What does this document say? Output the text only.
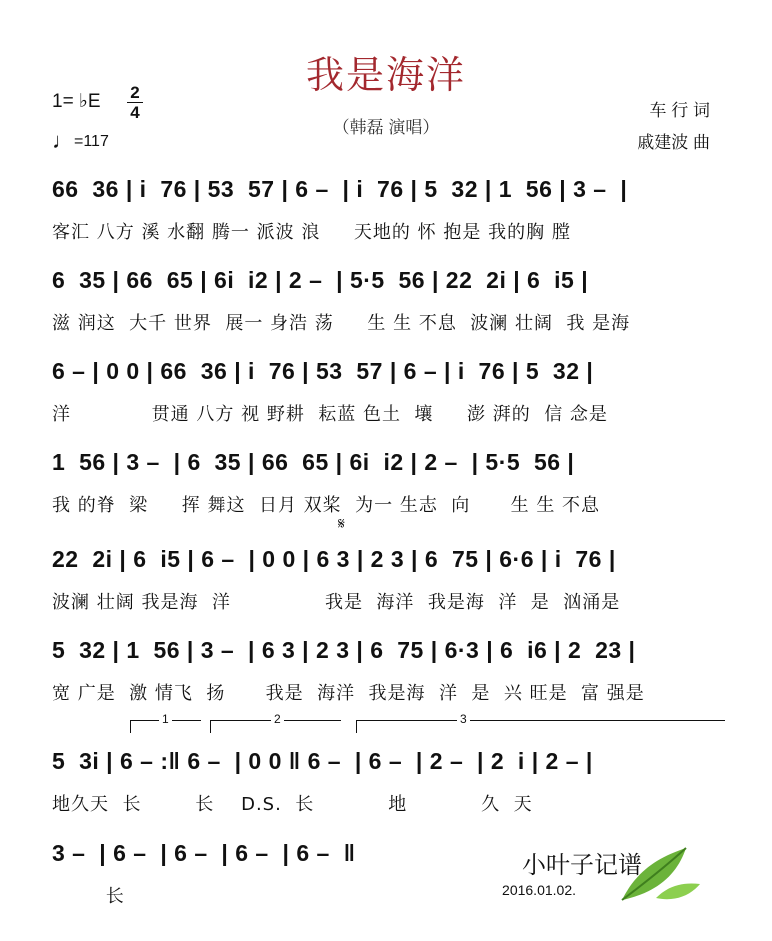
我是海洋
（韩磊 演唱）
1= ♭E 2
4
♩=117
车 行 词
戚建波 曲
66  36 | i  76 | 53  57 | 6 –  | i  76 | 5  32 | 1  56 | 3 –  |
客汇 八方 溪 水翻 腾一 派波 浪     天地的 怀 抱是 我的胸 膛
6  35 | 66  65 | 6i  i2 | 2 –  | 5·5  56 | 22  2i | 6  i5 |
滋 润这  大千 世界  展一 身浩 荡     生 生 不息  波澜 壮阔  我 是海
6 – | 0 0 | 66  36 | i  76 | 53  57 | 6 – | i  76 | 5  32 |
洋            贯通 八方 视 野耕  耘蓝 色土  壤     澎 湃的  信 念是
1  56 | 3 –  | 6  35 | 66  65 | 6i  i2 | 2 –  | 5·5  56 |
我 的脊  梁     挥 舞这  日月 双桨  为一 生志  向      生 生 不息
𝄋
22  2i | 6  i5 | 6 –  | 0 0 | 6 3 | 2 3 | 6  75 | 6·6 | i  76 |
波澜 壮阔 我是海  洋              我是  海洋  我是海  洋  是  汹涌是
5  32 | 1  56 | 3 –  | 6 3 | 2 3 | 6  75 | 6·3 | 6  i6 | 2  23 |
宽 广是  激 情飞  扬      我是  海洋  我是海  洋  是  兴 旺是  富 强是
1	2	3
5  3i | 6 – :‖ 6 –  | 0 0 ‖ 6 –  | 6 –  | 2 –  | 2  i | 2 – |
地久天  长        长    D.S.  长           地           久  天
3 –  | 6 –  | 6 –  | 6 –  | 6 –  ‖
长
小叶子记谱
2016.01.02.
